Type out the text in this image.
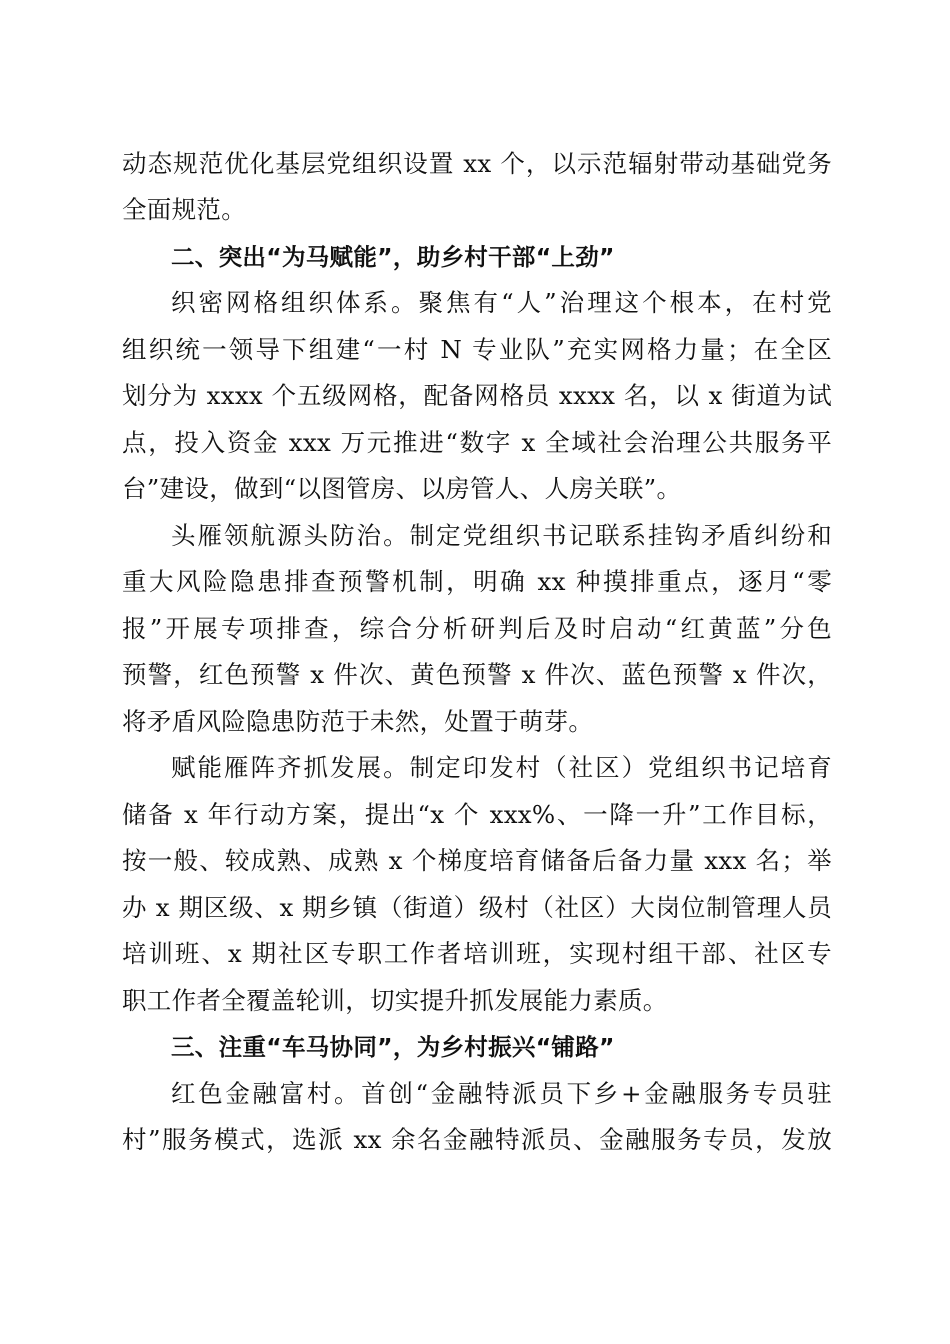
动态规范优化基层党组织设置 xx 个，以示范辐射带动基础党务
全面规范。
二、突出“为马赋能”，助乡村干部“上劲”
织密网格组织体系。聚焦有“人”治理这个根本，在村党
组织统一领导下组建“一村 N 专业队”充实网格力量；在全区
划分为 xxxx 个五级网格，配备网格员 xxxx 名，以 x 街道为试
点，投入资金 xxx 万元推进“数字 x 全域社会治理公共服务平
台”建设，做到“以图管房、以房管人、人房关联”。
头雁领航源头防治。制定党组织书记联系挂钩矛盾纠纷和
重大风险隐患排查预警机制，明确 xx 种摸排重点，逐月“零
报”开展专项排查，综合分析研判后及时启动“红黄蓝”分色
预警，红色预警 x 件次、黄色预警 x 件次、蓝色预警 x 件次，
将矛盾风险隐患防范于未然，处置于萌芽。
赋能雁阵齐抓发展。制定印发村（社区）党组织书记培育
储备 x 年行动方案，提出“x 个 xxx%、一降一升”工作目标，
按一般、较成熟、成熟 x 个梯度培育储备后备力量 xxx 名；举
办 x 期区级、x 期乡镇（街道）级村（社区）大岗位制管理人员
培训班、x 期社区专职工作者培训班，实现村组干部、社区专
职工作者全覆盖轮训，切实提升抓发展能力素质。
三、注重“车马协同”，为乡村振兴“铺路”
红色金融富村。首创“金融特派员下乡+金融服务专员驻
村”服务模式，选派 xx 余名金融特派员、金融服务专员，发放
